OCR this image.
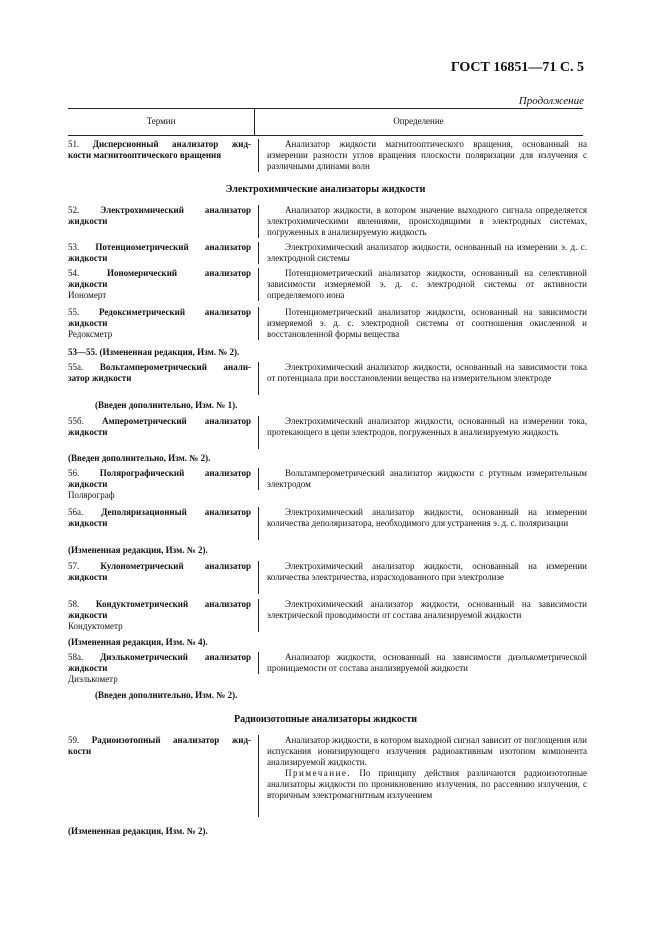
ГОСТ 16851—71 С. 5
Продолжение
Термин	Определение
51. Дисперсионный анализатор жид-
кости магнитооптического вращения
Анализатор жидкости магнитооптического вращения, основанный на измерении разности углов вращения плоскости поляризации для излучения с различными длинами волн
Электрохимические анализаторы жидкости
52. Электрохимический анализатор
жидкости
Анализатор жидкости, в котором значение выходного сигнала определяется электрохимическими явлениями, происходящими в электродных системах, погруженных в анализируемую жидкость
53. Потенциометрический анализатор
жидкости
Электрохимический анализатор жидкости, основанный на измерении э. д. с. электродной системы
54.	Иономерический анализатор
жидкости
Иономерт
Потенциометрический анализатор жидкости, основанный на селективной зависимости измеряемой э. д. с. электродной системы от активности определяемого иона
55. Редоксиметрический анализатор
жидкости
Редоксметр
Потенциометрический анализатор жидкости, основанный на зависимости измеряемой э. д. с. электродной системы от соотношения окисленной и восстановленной формы вещества
53—55. (Измененная редакция, Изм. № 2).
55а. Вольтамперометрический анали-
затор жидкости
Электрохимический анализатор жидкости, основанный на зависимости тока от потенциала при восстановлении вещества на измерительном электроде
(Введен дополнительно, Изм. № 1).
55б. Амперометрический анализатор
жидкости
Электрохимический анализатор жидкости, основанный на измерении тока, протекающего в цепи электродов, погруженных в анализируемую жидкость
(Введен дополнительно, Изм. № 2).
56. Полярографический анализатор
жидкости
Полярограф
Вольтамперометрический анализатор жидкости с ртутным измерительным электродом
56а. Деполяризационный анализатор
жидкости
Электрохимический анализатор жидкости, основанный на измерении количества деполяризатора, необходимого для устранения э. д. с. поляризации
(Измененная редакция, Изм. № 2).
57. Кулонометрический анализатор
жидкости
Электрохимический анализатор жидкости, основанный на измерении количества электричества, израсходованного при электролизе
58. Кондуктометрический анализатор
жидкости
Кондуктометр
Электрохимический анализатор жидкости, основанный на зависимости электрической проводимости от состава анализируемой жидкости
(Измененная редакция, Изм. № 4).
58а. Диэлькометрический анализатор
жидкости
Диэлькометр
Анализатор жидкости, основанный на зависимости диэлькометрической проницаемости от состава анализируемой жидкости
(Введен дополнительно, Изм. № 2).
Радиоизотопные анализаторы жидкости
59. Радиоизотопный анализатор жид-
кости
Анализатор жидкости, в котором выходной сигнал зависит от поглощения или испускания ионизирующего излучения радиоактивным изотопом компонента анализируемой жидкости.
Примечание. По принципу действия различаются радиоизотопные анализаторы жидкости по проникновению излучения, по рассеянию излучения, с вторичным электромагнитным излучением
(Измененная редакция, Изм. № 2).
